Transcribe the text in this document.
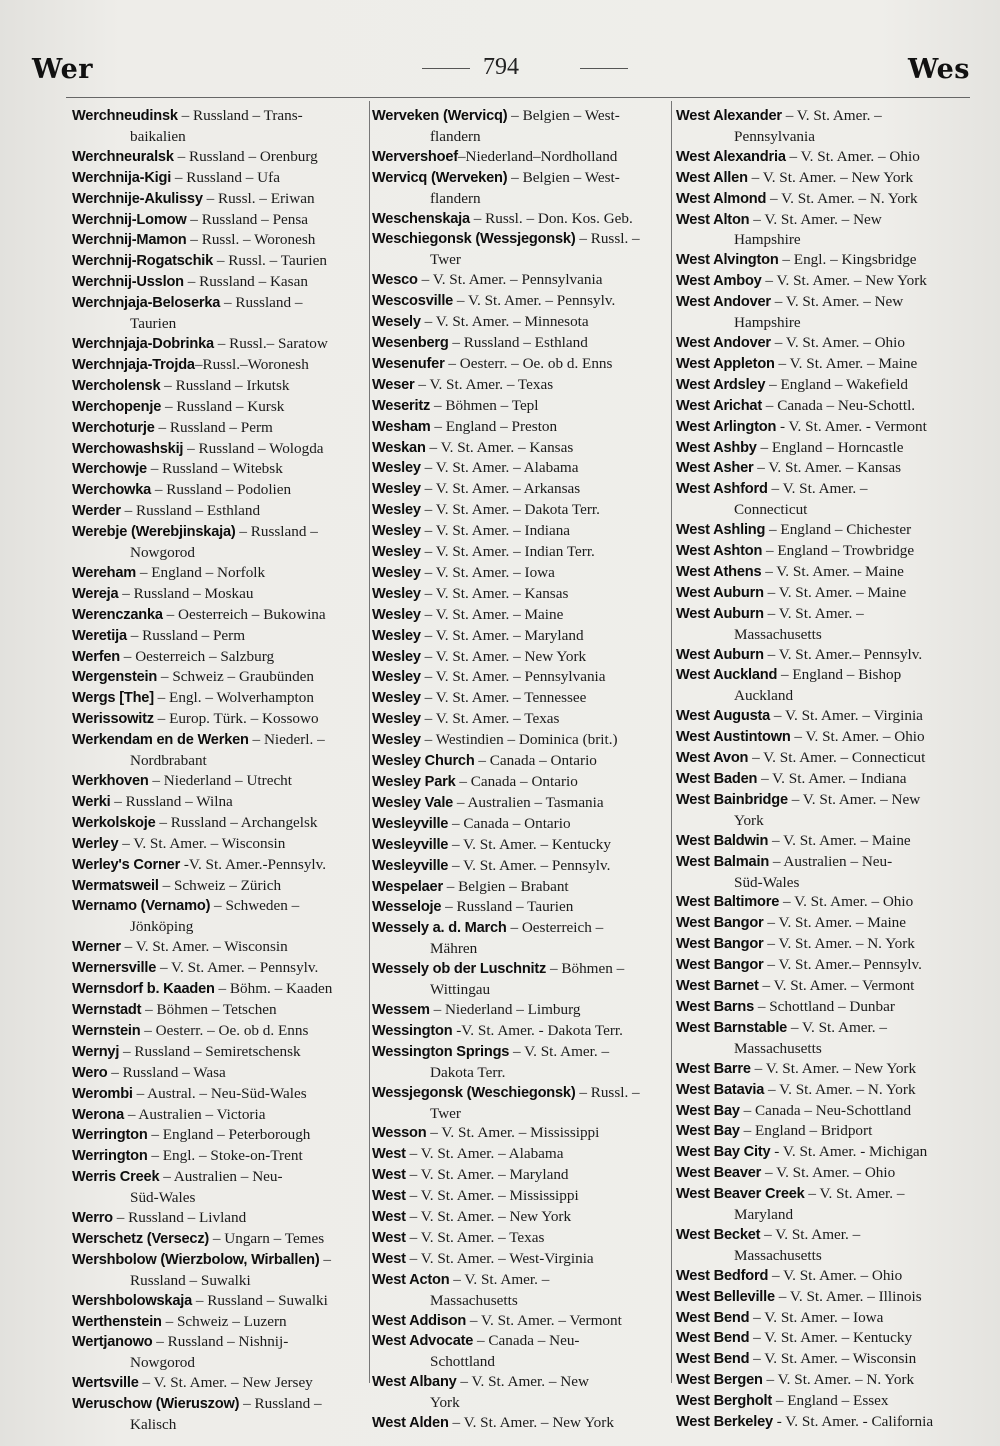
Wer	794	Wes
Werchneudinsk – Russland – Trans-
baikalien
Werchneuralsk – Russland – Orenburg
Werchnija-Kigi – Russland – Ufa
Werchnije-Akulissy – Russl. – Eriwan
Werchnij-Lomow – Russland – Pensa
Werchnij-Mamon – Russl. – Woronesh
Werchnij-Rogatschik – Russl. – Taurien
Werchnij-Usslon – Russland – Kasan
Werchnjaja-Beloserka – Russland –
Taurien
Werchnjaja-Dobrinka – Russl.– Saratow
Werchnjaja-Trojda–Russl.–Woronesh
Wercholensk – Russland – Irkutsk
Werchopenje – Russland – Kursk
Werchoturje – Russland – Perm
Werchowashskij – Russland – Wologda
Werchowje – Russland – Witebsk
Werchowka – Russland – Podolien
Werder – Russland – Esthland
Werebje (Werebjinskaja) – Russland –
Nowgorod
Wereham – England – Norfolk
Wereja – Russland – Moskau
Werenczanka – Oesterreich – Bukowina
Weretija – Russland – Perm
Werfen – Oesterreich – Salzburg
Wergenstein – Schweiz – Graubünden
Wergs [The] – Engl. – Wolverhampton
Werissowitz – Europ. Türk. – Kossowo
Werkendam en de Werken – Niederl. –
Nordbrabant
Werkhoven – Niederland – Utrecht
Werki – Russland – Wilna
Werkolskoje – Russland – Archangelsk
Werley – V. St. Amer. – Wisconsin
Werley's Corner -V. St. Amer.-Pennsylv.
Wermatsweil – Schweiz – Zürich
Wernamo (Vernamo) – Schweden –
Jönköping
Werner – V. St. Amer. – Wisconsin
Wernersville – V. St. Amer. – Pennsylv.
Wernsdorf b. Kaaden – Böhm. – Kaaden
Wernstadt – Böhmen – Tetschen
Wernstein – Oesterr. – Oe. ob d. Enns
Wernyj – Russland – Semiretschensk
Wero – Russland – Wasa
Werombi – Austral. – Neu-Süd-Wales
Werona – Australien – Victoria
Werrington – England – Peterborough
Werrington – Engl. – Stoke-on-Trent
Werris Creek – Australien – Neu-
Süd-Wales
Werro – Russland – Livland
Werschetz (Versecz) – Ungarn – Temes
Wershbolow (Wierzbolow, Wirballen) –
Russland – Suwalki
Wershbolowskaja – Russland – Suwalki
Werthenstein – Schweiz – Luzern
Wertjanowo – Russland – Nishnij-
Nowgorod
Wertsville – V. St. Amer. – New Jersey
Weruschow (Wieruszow) – Russland –
Kalisch
Werveken (Wervicq) – Belgien – West-
flandern
Wervershoef–Niederland–Nordholland
Wervicq (Werveken) – Belgien – West-
flandern
Weschenskaja – Russl. – Don. Kos. Geb.
Weschiegonsk (Wessjegonsk) – Russl. –
Twer
Wesco – V. St. Amer. – Pennsylvania
Wescosville – V. St. Amer. – Pennsylv.
Wesely – V. St. Amer. – Minnesota
Wesenberg – Russland – Esthland
Wesenufer – Oesterr. – Oe. ob d. Enns
Weser – V. St. Amer. – Texas
Weseritz – Böhmen – Tepl
Wesham – England – Preston
Weskan – V. St. Amer. – Kansas
Wesley – V. St. Amer. – Alabama
Wesley – V. St. Amer. – Arkansas
Wesley – V. St. Amer. – Dakota Terr.
Wesley – V. St. Amer. – Indiana
Wesley – V. St. Amer. – Indian Terr.
Wesley – V. St. Amer. – Iowa
Wesley – V. St. Amer. – Kansas
Wesley – V. St. Amer. – Maine
Wesley – V. St. Amer. – Maryland
Wesley – V. St. Amer. – New York
Wesley – V. St. Amer. – Pennsylvania
Wesley – V. St. Amer. – Tennessee
Wesley – V. St. Amer. – Texas
Wesley – Westindien – Dominica (brit.)
Wesley Church – Canada – Ontario
Wesley Park – Canada – Ontario
Wesley Vale – Australien – Tasmania
Wesleyville – Canada – Ontario
Wesleyville – V. St. Amer. – Kentucky
Wesleyville – V. St. Amer. – Pennsylv.
Wespelaer – Belgien – Brabant
Wesseloje – Russland – Taurien
Wessely a. d. March – Oesterreich –
Mähren
Wessely ob der Luschnitz – Böhmen –
Wittingau
Wessem – Niederland – Limburg
Wessington -V. St. Amer. - Dakota Terr.
Wessington Springs – V. St. Amer. –
Dakota Terr.
Wessjegonsk (Weschiegonsk) – Russl. –
Twer
Wesson – V. St. Amer. – Mississippi
West – V. St. Amer. – Alabama
West – V. St. Amer. – Maryland
West – V. St. Amer. – Mississippi
West – V. St. Amer. – New York
West – V. St. Amer. – Texas
West – V. St. Amer. – West-Virginia
West Acton – V. St. Amer. –
Massachusetts
West Addison – V. St. Amer. – Vermont
West Advocate – Canada – Neu-
Schottland
West Albany – V. St. Amer. – New
York
West Alden – V. St. Amer. – New York
West Alexander – V. St. Amer. –
Pennsylvania
West Alexandria – V. St. Amer. – Ohio
West Allen – V. St. Amer. – New York
West Almond – V. St. Amer. – N. York
West Alton – V. St. Amer. – New
Hampshire
West Alvington – Engl. – Kingsbridge
West Amboy – V. St. Amer. – New York
West Andover – V. St. Amer. – New
Hampshire
West Andover – V. St. Amer. – Ohio
West Appleton – V. St. Amer. – Maine
West Ardsley – England – Wakefield
West Arichat – Canada – Neu-Schottl.
West Arlington - V. St. Amer. - Vermont
West Ashby – England – Horncastle
West Asher – V. St. Amer. – Kansas
West Ashford – V. St. Amer. –
Connecticut
West Ashling – England – Chichester
West Ashton – England – Trowbridge
West Athens – V. St. Amer. – Maine
West Auburn – V. St. Amer. – Maine
West Auburn – V. St. Amer. –
Massachusetts
West Auburn – V. St. Amer.– Pennsylv.
West Auckland – England – Bishop
Auckland
West Augusta – V. St. Amer. – Virginia
West Austintown – V. St. Amer. – Ohio
West Avon – V. St. Amer. – Connecticut
West Baden – V. St. Amer. – Indiana
West Bainbridge – V. St. Amer. – New
York
West Baldwin – V. St. Amer. – Maine
West Balmain – Australien – Neu-
Süd-Wales
West Baltimore – V. St. Amer. – Ohio
West Bangor – V. St. Amer. – Maine
West Bangor – V. St. Amer. – N. York
West Bangor – V. St. Amer.– Pennsylv.
West Barnet – V. St. Amer. – Vermont
West Barns – Schottland – Dunbar
West Barnstable – V. St. Amer. –
Massachusetts
West Barre – V. St. Amer. – New York
West Batavia – V. St. Amer. – N. York
West Bay – Canada – Neu-Schottland
West Bay – England – Bridport
West Bay City - V. St. Amer. - Michigan
West Beaver – V. St. Amer. – Ohio
West Beaver Creek – V. St. Amer. –
Maryland
West Becket – V. St. Amer. –
Massachusetts
West Bedford – V. St. Amer. – Ohio
West Belleville – V. St. Amer. – Illinois
West Bend – V. St. Amer. – Iowa
West Bend – V. St. Amer. – Kentucky
West Bend – V. St. Amer. – Wisconsin
West Bergen – V. St. Amer. – N. York
West Bergholt – England – Essex
West Berkeley - V. St. Amer. - California
